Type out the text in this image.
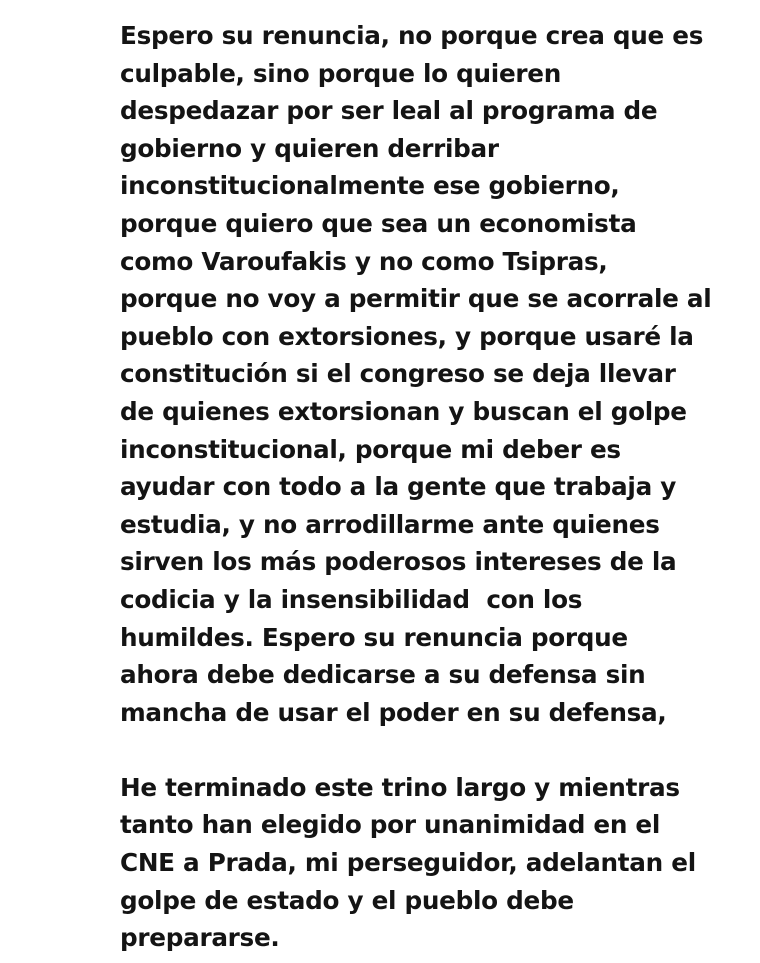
Espero su renuncia, no porque crea que es
culpable, sino porque lo quieren
despedazar por ser leal al programa de
gobierno y quieren derribar
inconstitucionalmente ese gobierno,
porque quiero que sea un economista
como Varoufakis y no como Tsipras,
porque no voy a permitir que se acorrale al
pueblo con extorsiones, y porque usaré la
constitución si el congreso se deja llevar
de quienes extorsionan y buscan el golpe
inconstitucional, porque mi deber es
ayudar con todo a la gente que trabaja y
estudia, y no arrodillarme ante quienes
sirven los más poderosos intereses de la
codicia y la insensibilidad  con los
humildes. Espero su renuncia porque
ahora debe dedicarse a su defensa sin
mancha de usar el poder en su defensa,
He terminado este trino largo y mientras
tanto han elegido por unanimidad en el
CNE a Prada, mi perseguidor, adelantan el
golpe de estado y el pueblo debe
prepararse.
